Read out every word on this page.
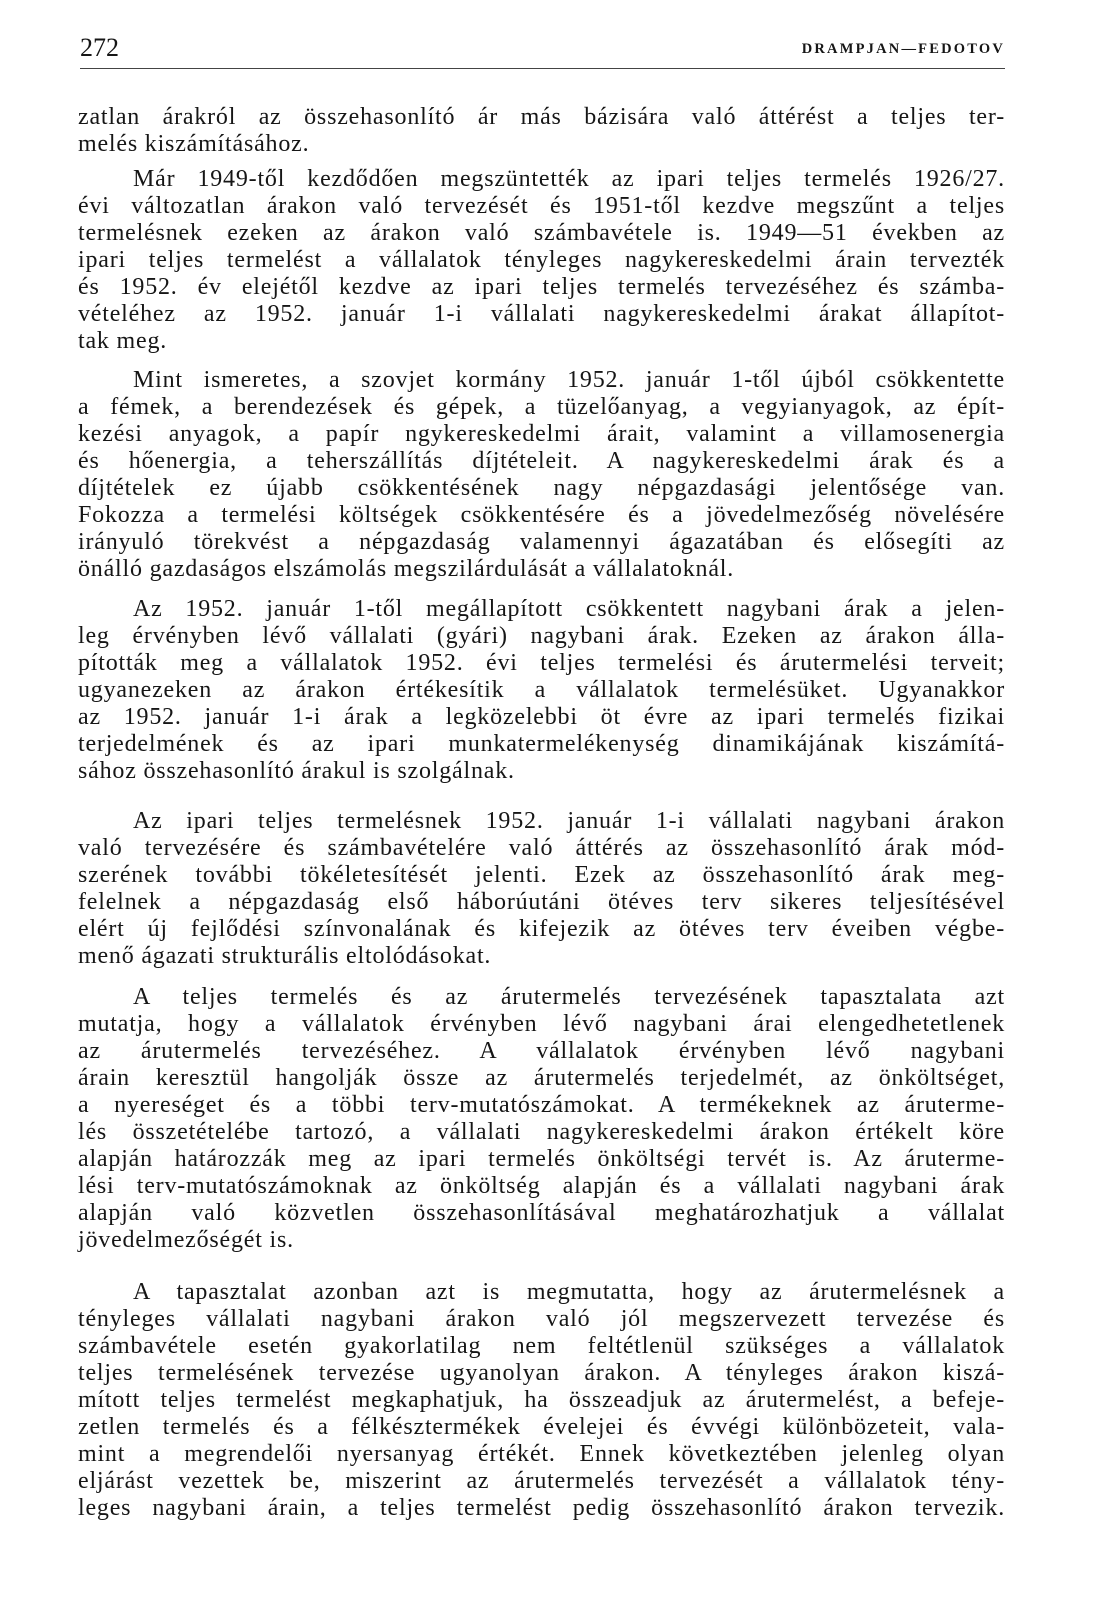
272	DRAMPJAN—FEDOTOV
zatlan árakról az összehasonlító ár más bázisára való áttérést a teljes ter-
melés kiszámításához.
Már 1949-től kezdődően megszüntették az ipari teljes termelés 1926/27.
évi változatlan árakon való tervezését és 1951-től kezdve megszűnt a teljes
termelésnek ezeken az árakon való számbavétele is. 1949—51 években az
ipari teljes termelést a vállalatok tényleges nagykereskedelmi árain tervezték
és 1952. év elejétől kezdve az ipari teljes termelés tervezéséhez és számba-
vételéhez az 1952. január 1-i vállalati nagykereskedelmi árakat állapítot-
tak meg.
Mint ismeretes, a szovjet kormány 1952. január 1-től újból csökkentette
a fémek, a berendezések és gépek, a tüzelőanyag, a vegyianyagok, az épít-
kezési anyagok, a papír ngykereskedelmi árait, valamint a villamosenergia
és hőenergia, a teherszállítás díjtételeit. A nagykereskedelmi árak és a
díjtételek ez újabb csökkentésének nagy népgazdasági jelentősége van.
Fokozza a termelési költségek csökkentésére és a jövedelmezőség növelésére
irányuló törekvést a népgazdaság valamennyi ágazatában és elősegíti az
önálló gazdaságos elszámolás megszilárdulását a vállalatoknál.
Az 1952. január 1-től megállapított csökkentett nagybani árak a jelen-
leg érvényben lévő vállalati (gyári) nagybani árak. Ezeken az árakon álla-
pították meg a vállalatok 1952. évi teljes termelési és árutermelési terveit;
ugyanezeken az árakon értékesítik a vállalatok termelésüket. Ugyanakkor
az 1952. január 1-i árak a legközelebbi öt évre az ipari termelés fizikai
terjedelmének és az ipari munkatermelékenység dinamikájának kiszámítá-
sához összehasonlító árakul is szolgálnak.
Az ipari teljes termelésnek 1952. január 1-i vállalati nagybani árakon
való tervezésére és számbavételére való áttérés az összehasonlító árak mód-
szerének további tökéletesítését jelenti. Ezek az összehasonlító árak meg-
felelnek a népgazdaság első háborúutáni ötéves terv sikeres teljesítésével
elért új fejlődési színvonalának és kifejezik az ötéves terv éveiben végbe-
menő ágazati strukturális eltolódásokat.
A teljes termelés és az árutermelés tervezésének tapasztalata azt
mutatja, hogy a vállalatok érvényben lévő nagybani árai elengedhetetlenek
az árutermelés tervezéséhez. A vállalatok érvényben lévő nagybani
árain keresztül hangolják össze az árutermelés terjedelmét, az önköltséget,
a nyereséget és a többi terv-mutatószámokat. A termékeknek az áruterme-
lés összetételébe tartozó, a vállalati nagykereskedelmi árakon értékelt köre
alapján határozzák meg az ipari termelés önköltségi tervét is. Az áruterme-
lési terv-mutatószámoknak az önköltség alapján és a vállalati nagybani árak
alapján való közvetlen összehasonlításával meghatározhatjuk a vállalat
jövedelmezőségét is.
A tapasztalat azonban azt is megmutatta, hogy az árutermelésnek a
tényleges vállalati nagybani árakon való jól megszervezett tervezése és
számbavétele esetén gyakorlatilag nem feltétlenül szükséges a vállalatok
teljes termelésének tervezése ugyanolyan árakon. A tényleges árakon kiszá-
mított teljes termelést megkaphatjuk, ha összeadjuk az árutermelést, a befeje-
zetlen termelés és a félkésztermékek évelejei és évvégi különbözeteit, vala-
mint a megrendelői nyersanyag értékét. Ennek következtében jelenleg olyan
eljárást vezettek be, miszerint az árutermelés tervezését a vállalatok tény-
leges nagybani árain, a teljes termelést pedig összehasonlító árakon tervezik.
